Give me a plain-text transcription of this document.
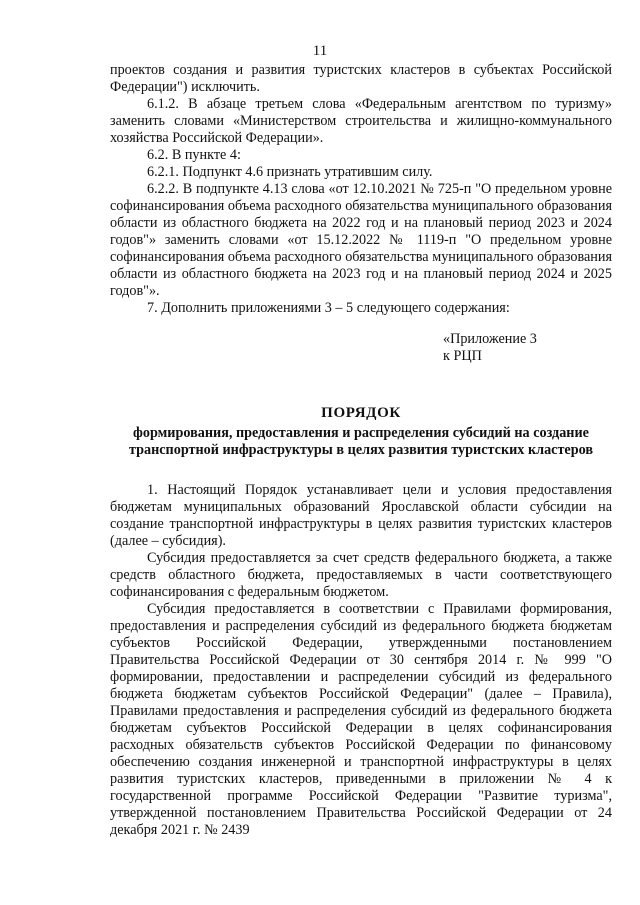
11

проектов создания и развития туристских кластеров в субъектах Российской Федерации") исключить.

6.1.2. В абзаце третьем слова «Федеральным агентством по туризму» заменить словами «Министерством строительства и жилищно-коммунального хозяйства Российской Федерации».

6.2. В пункте 4:

6.2.1. Подпункт 4.6 признать утратившим силу.

6.2.2. В подпункте 4.13 слова «от 12.10.2021 № 725-п "О предельном уровне софинансирования объема расходного обязательства муниципального образования области из областного бюджета на 2022 год и на плановый период 2023 и 2024 годов"» заменить словами «от 15.12.2022 № 1119-п "О предельном уровне софинансирования объема расходного обязательства муниципального образования области из областного бюджета на 2023 год и на плановый период 2024 и 2025 годов"».

7. Дополнить приложениями 3 – 5 следующего содержания:

«Приложение 3
к РЦП
ПОРЯДОК
формирования, предоставления и распределения субсидий на создание транспортной инфраструктуры в целях развития туристских кластеров

1. Настоящий Порядок устанавливает цели и условия предоставления бюджетам муниципальных образований Ярославской области субсидии на создание транспортной инфраструктуры в целях развития туристских кластеров (далее – субсидия).

Субсидия предоставляется за счет средств федерального бюджета, а также средств областного бюджета, предоставляемых в части соответствующего софинансирования с федеральным бюджетом.

Субсидия предоставляется в соответствии с Правилами формирования, предоставления и распределения субсидий из федерального бюджета бюджетам субъектов Российской Федерации, утвержденными постановлением Правительства Российской Федерации от 30 сентября 2014 г. № 999 "О формировании, предоставлении и распределении субсидий из федерального бюджета бюджетам субъектов Российской Федерации" (далее – Правила), Правилами предоставления и распределения субсидий из федерального бюджета бюджетам субъектов Российской Федерации в целях софинансирования расходных обязательств субъектов Российской Федерации по финансовому обеспечению создания инженерной и транспортной инфраструктуры в целях развития туристских кластеров, приведенными в приложении № 4 к государственной программе Российской Федерации "Развитие туризма", утвержденной постановлением Правительства Российской Федерации от 24 декабря 2021 г. № 2439
